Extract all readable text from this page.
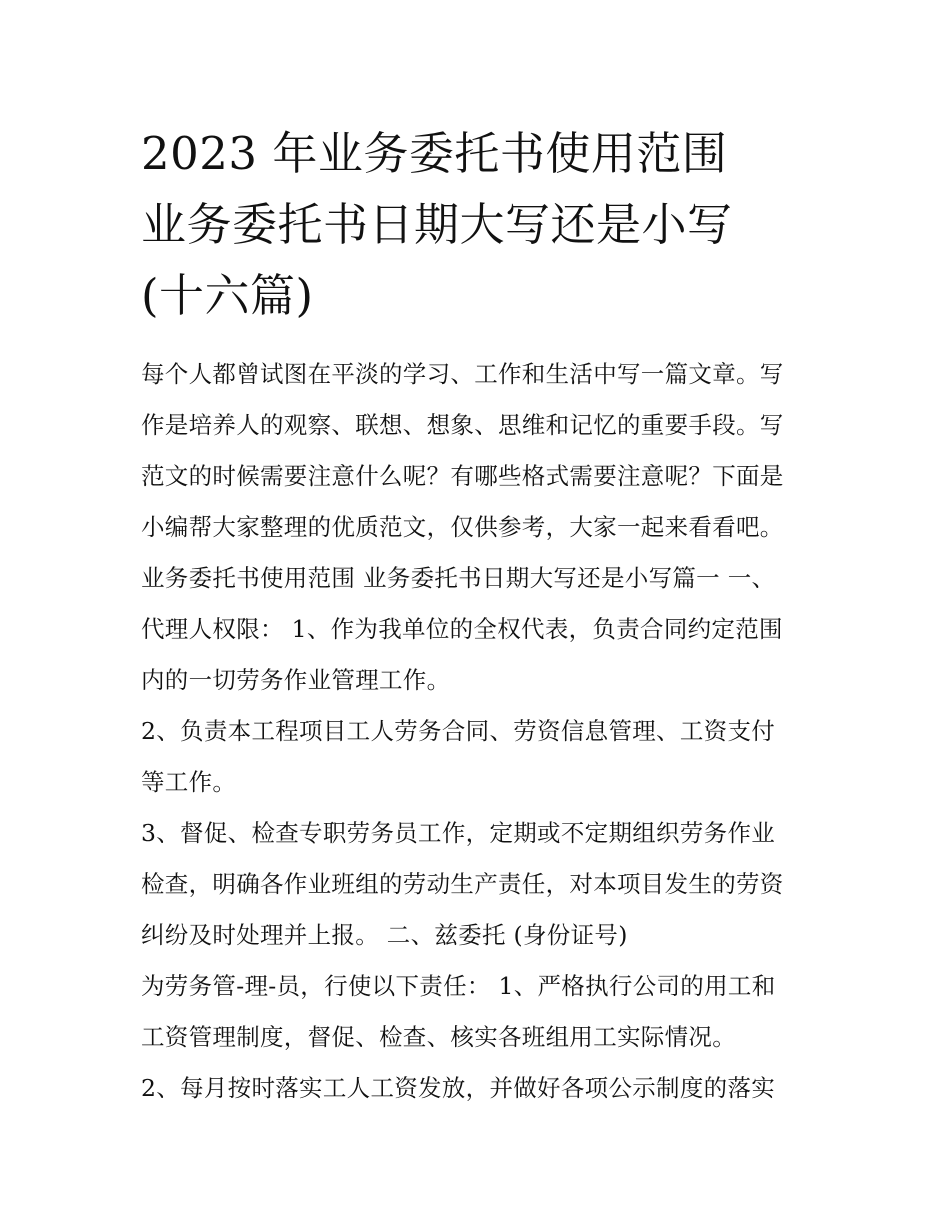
2023 年业务委托书使用范围
业务委托书日期大写还是小写
(十六篇)
每个人都曾试图在平淡的学习、工作和生活中写一篇文章。写
作是培养人的观察、联想、想象、思维和记忆的重要手段。写
范文的时候需要注意什么呢？有哪些格式需要注意呢？下面是
小编帮大家整理的优质范文，仅供参考，大家一起来看看吧。
业务委托书使用范围 业务委托书日期大写还是小写篇一 一、
代理人权限： 1、作为我单位的全权代表，负责合同约定范围
内的一切劳务作业管理工作。
2、负责本工程项目工人劳务合同、劳资信息管理、工资支付
等工作。
3、督促、检查专职劳务员工作，定期或不定期组织劳务作业
检查，明确各作业班组的劳动生产责任，对本项目发生的劳资
纠纷及时处理并上报。 二、兹委托 (身份证号)
为劳务管-理-员，行使以下责任： 1、严格执行公司的用工和
工资管理制度，督促、检查、核实各班组用工实际情况。
2、每月按时落实工人工资发放，并做好各项公示制度的落实
